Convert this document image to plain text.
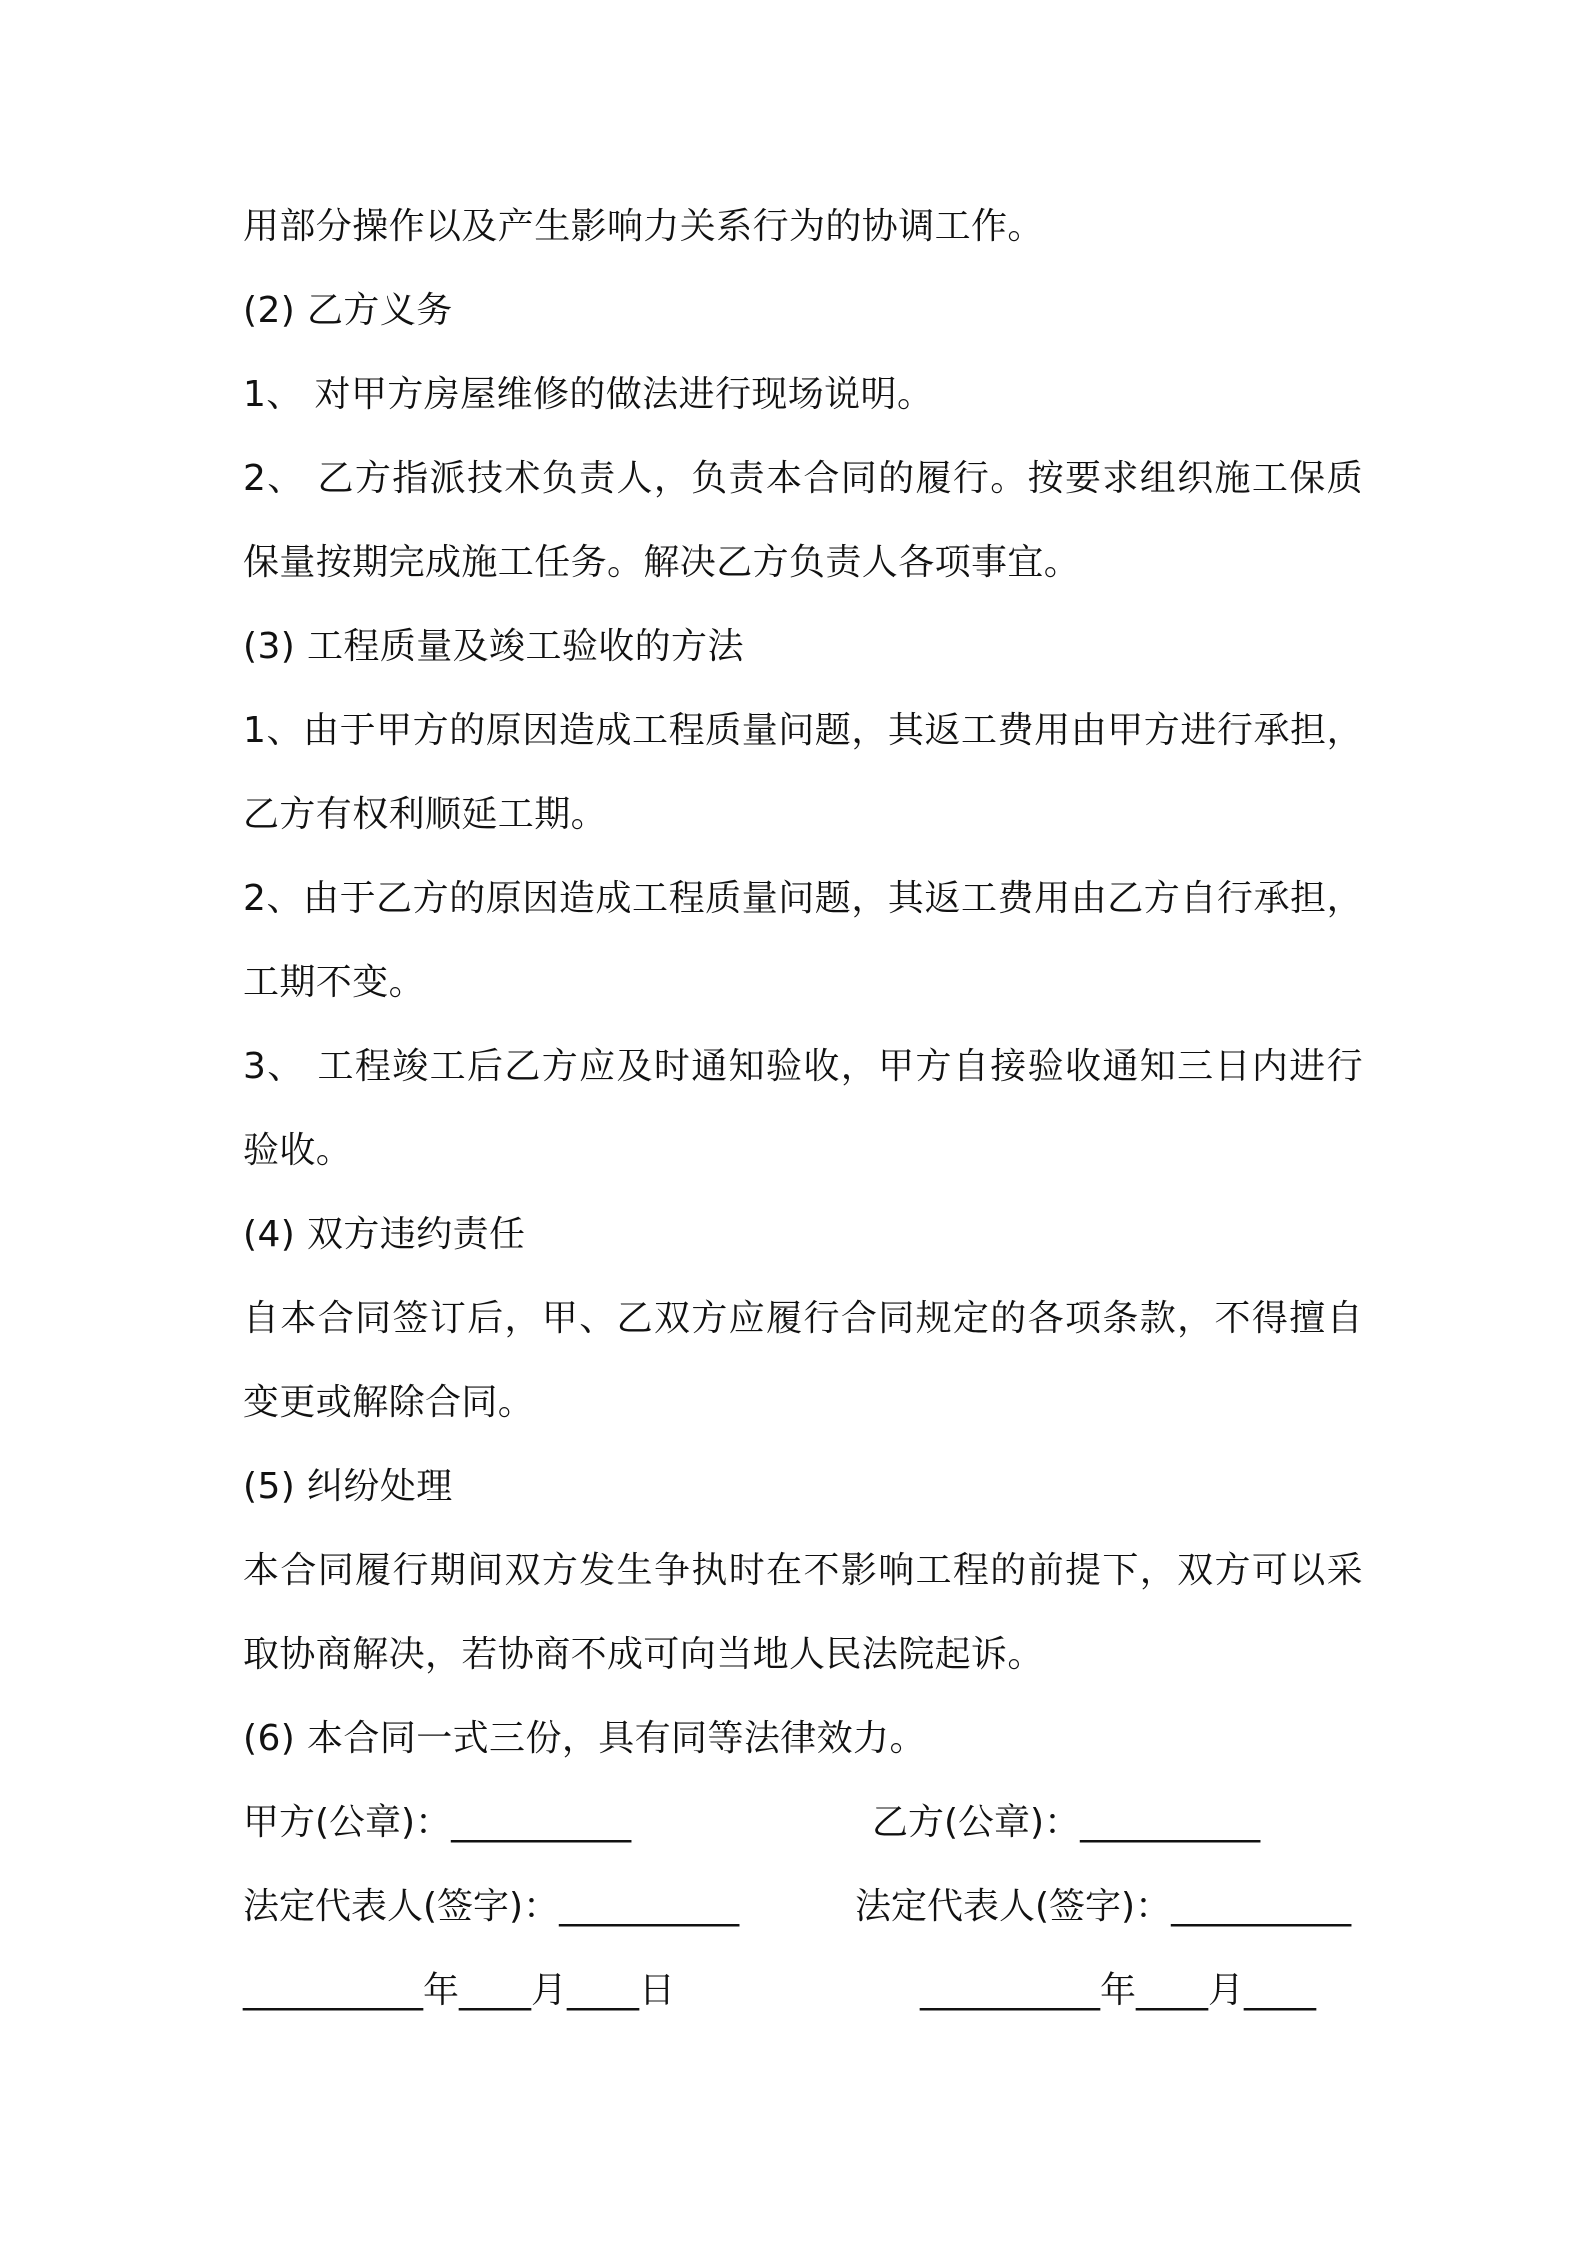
用部分操作以及产生影响力关系行为的协调工作。
(2) 乙方义务
1、 对甲方房屋维修的做法进行现场说明。
2、 乙方指派技术负责人，负责本合同的履行。按要求组织施工保质
保量按期完成施工任务。解决乙方负责人各项事宜。
(3) 工程质量及竣工验收的方法
1、由于甲方的原因造成工程质量问题，其返工费用由甲方进行承担，
乙方有权利顺延工期。
2、由于乙方的原因造成工程质量问题，其返工费用由乙方自行承担，
工期不变。
3、 工程竣工后乙方应及时通知验收，甲方自接验收通知三日内进行
验收。
(4) 双方违约责任
自本合同签订后，甲、乙双方应履行合同规定的各项条款，不得擅自
变更或解除合同。
(5) 纠纷处理
本合同履行期间双方发生争执时在不影响工程的前提下，双方可以采
取协商解决，若协商不成可向当地人民法院起诉。
(6) 本合同一式三份，具有同等法律效力。
甲方(公章)：__________	乙方(公章)：__________
法定代表人(签字)：__________	法定代表人(签字)：__________
__________年____月____日	__________年____月____
